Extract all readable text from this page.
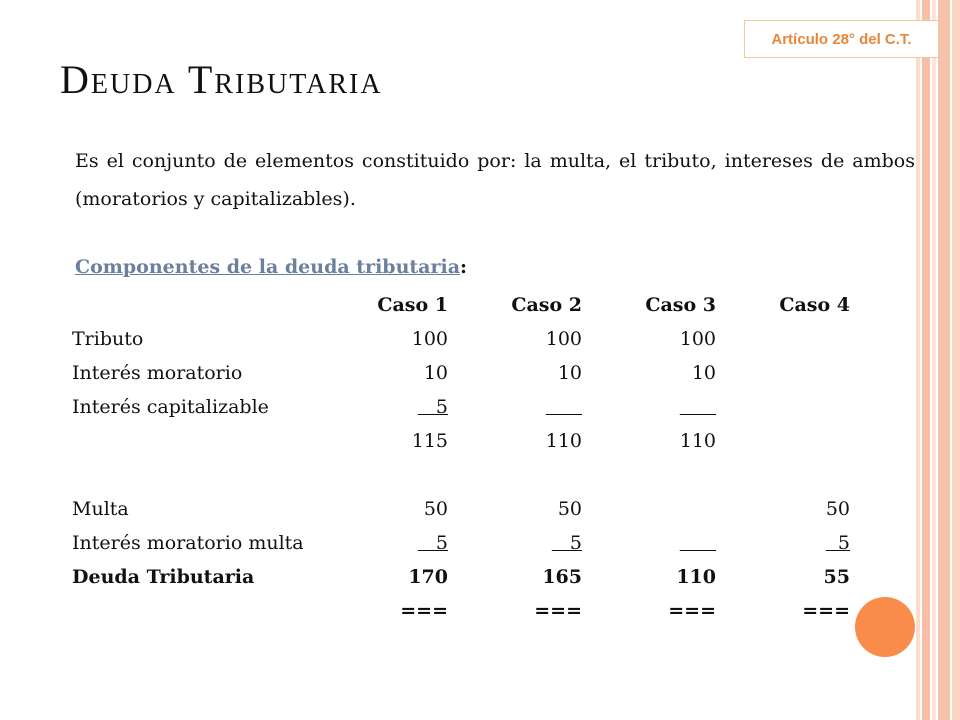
Artículo 28° del C.T.
Deuda Tributaria
Es el conjunto de elementos constituido por: la multa, el tributo, intereses de ambos (moratorios y capitalizables).
Componentes de la deuda tributaria:
	Caso 1	Caso 2	Caso 3	Caso 4
Tributo	100	100	100	
Interés moratorio	10	10	10	
Interés capitalizable	5			
	115	110	110	

Multa	50	50		50
Interés moratorio multa	5	5		5
Deuda Tributaria	170	165	110	55
	===	===	===	===
